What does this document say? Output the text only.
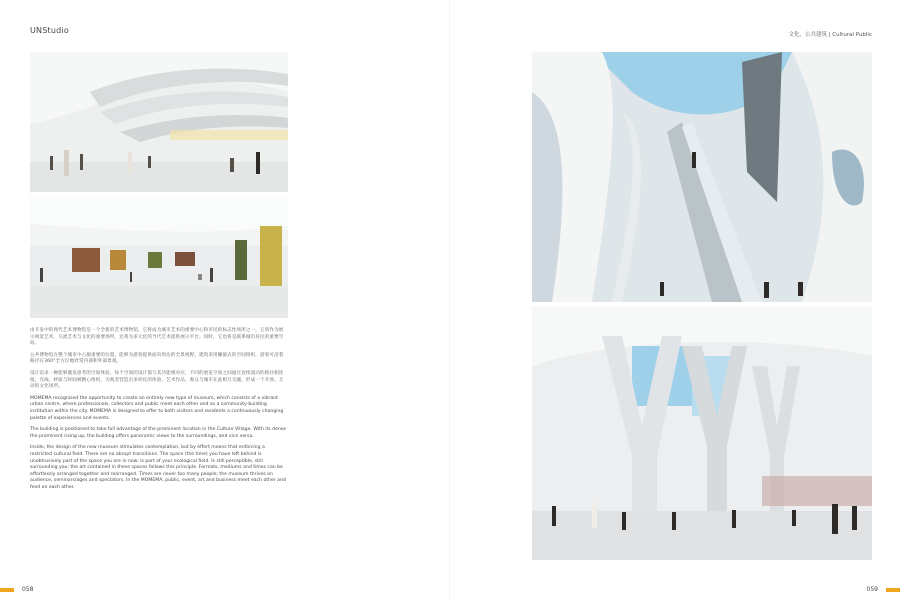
UNStudio

由开发中的现代艺术博物馆是一个全新的艺术博物馆，它将成为城市艺术的重要中心和市民的标志性场所之一，它将作为展示视觉艺术、交流艺术与文化的重要场所，还将为多元化的当代艺术提供展示平台。同时，它也将是联系城市居民的重要空间。

公共博物馆在整个城市中占据重要的位置，能够为游客提供面向周边的全景视野。建筑采用螺旋式的空间组织，游客可沿着路径在360°全方位地欣赏内部和外部景观。

设计追求一种能够激发思考的空间体验，每个空间的设计都与其功能相对应，不同的展览空间之间通过连续流动的路径相连接。光线、材质与时间被精心组织，为观者营造出多样化的体验。艺术作品、观众与城市在此相互交融，形成一个开放、互动的文化场所。

MOMEMA recognised the opportunity to create an entirely new type of museum, which consists of a vibrant urban centre, where professionals, collectors and public meet each other and as a community-building institution within the city. MOMEMA is designed to offer to both visitors and residents a continuously changing palette of experiences and events.

The building is positioned to take full advantage of the prominent location in the Culture Village. With its dense the prominent rising up, the building offers panoramic views to the surroundings, and vice versa.

Inside, the design of the new museum stimulates contemplation, but by effort means that enforcing a restricted cultural field. There are no abrupt transitions. The space (the time) you have left behind is unobtrusively part of the space you are in now: is part of your ecological field. Is still perceptible, still surrounding you: the art contained in these spaces follows this principle. Formats, mediums and times can be effortlessly arranged together and rearranged. Times are never too many people; the museum thrives on audience, seminars/ages and spectators. In the MOMEMA, public, event, art and business meet each other and feed on each other.

058
文化、公共建筑 | Cultural Public
059
